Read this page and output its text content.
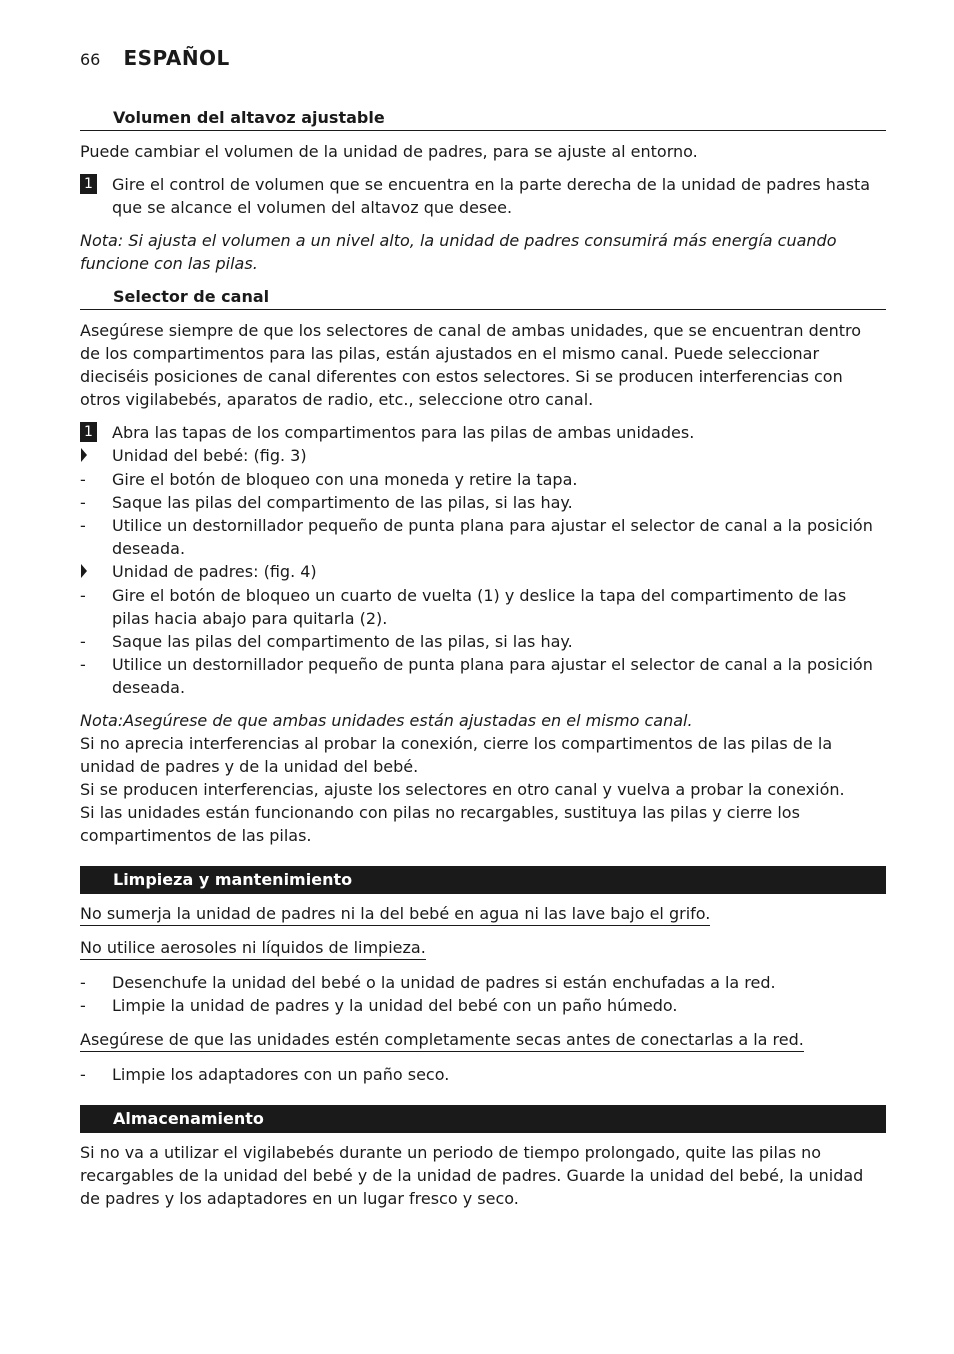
66 ESPAÑOL
Volumen del altavoz ajustable

Puede cambiar el volumen de la unidad de padres, para se ajuste al entorno.

1 Gire el control de volumen que se encuentra en la parte derecha de la unidad de padres hasta que se alcance el volumen del altavoz que desee.

Nota: Si ajusta el volumen a un nivel alto, la unidad de padres consumirá más energía cuando funcione con las pilas.

Selector de canal

Asegúrese siempre de que los selectores de canal de ambas unidades, que se encuentran dentro de los compartimentos para las pilas, están ajustados en el mismo canal. Puede seleccionar dieciséis posiciones de canal diferentes con estos selectores. Si se producen interferencias con otros vigilabebés, aparatos de radio, etc., seleccione otro canal.

1 Abra las tapas de los compartimentos para las pilas de ambas unidades.
Unidad del bebé: (fig. 3)
-	Gire el botón de bloqueo con una moneda y retire la tapa.
-	Saque las pilas del compartimento de las pilas, si las hay.
-	Utilice un destornillador pequeño de punta plana para ajustar el selector de canal a la posición deseada.
Unidad de padres: (fig. 4)
-	Gire el botón de bloqueo un cuarto de vuelta (1) y deslice la tapa del compartimento de las pilas hacia abajo para quitarla (2).
-	Saque las pilas del compartimento de las pilas, si las hay.
-	Utilice un destornillador pequeño de punta plana para ajustar el selector de canal a la posición deseada.
Nota:Asegúrese de que ambas unidades están ajustadas en el mismo canal.
Si no aprecia interferencias al probar la conexión, cierre los compartimentos de las pilas de la unidad de padres y de la unidad del bebé.
Si se producen interferencias, ajuste los selectores en otro canal y vuelva a probar la conexión.
Si las unidades están funcionando con pilas no recargables, sustituya las pilas y cierre los compartimentos de las pilas.
Limpieza y mantenimiento
No sumerja la unidad de padres ni la del bebé en agua ni las lave bajo el grifo.
No utilice aerosoles ni líquidos de limpieza.
-	Desenchufe la unidad del bebé o la unidad de padres si están enchufadas a la red.
-	Limpie la unidad de padres y la unidad del bebé con un paño húmedo.
Asegúrese de que las unidades estén completamente secas antes de conectarlas a la red.
-	Limpie los adaptadores con un paño seco.
Almacenamiento

Si no va a utilizar el vigilabebés durante un periodo de tiempo prolongado, quite las pilas no recargables de la unidad del bebé y de la unidad de padres. Guarde la unidad del bebé, la unidad de padres y los adaptadores en un lugar fresco y seco.
